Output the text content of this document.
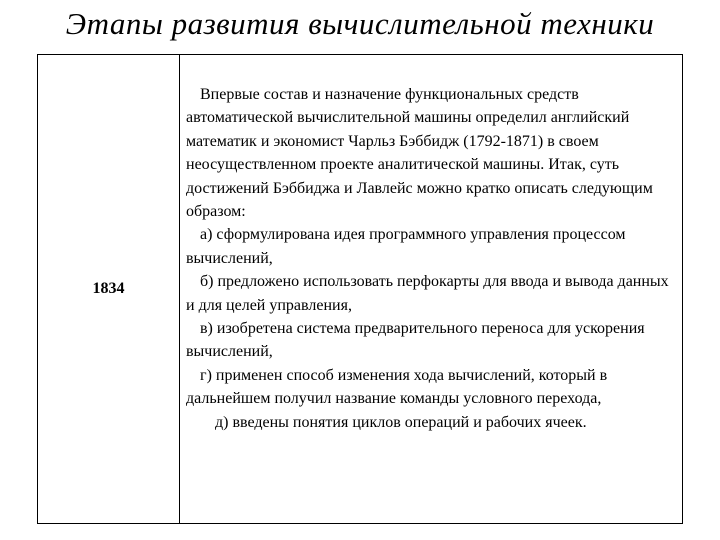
Этапы развития вычислительной техники
1834

Впервые состав и назначение функциональных средств автоматической вычислительной машины определил английский математик и экономист Чарльз Бэббидж (1792-1871) в своем неосуществленном проекте аналитической машины. Итак, суть достижений Бэббиджа и Лавлейс можно кратко описать следующим образом:

а) сформулирована идея программного управления процессом вычислений,

б) предложено использовать перфокарты для ввода и вывода данных и для целей управления,

в) изобретена система предварительного переноса для ускорения вычислений,

г) применен способ изменения хода вычислений, который в дальнейшем получил название команды условного перехода,

д) введены понятия циклов операций и рабочих ячеек.
